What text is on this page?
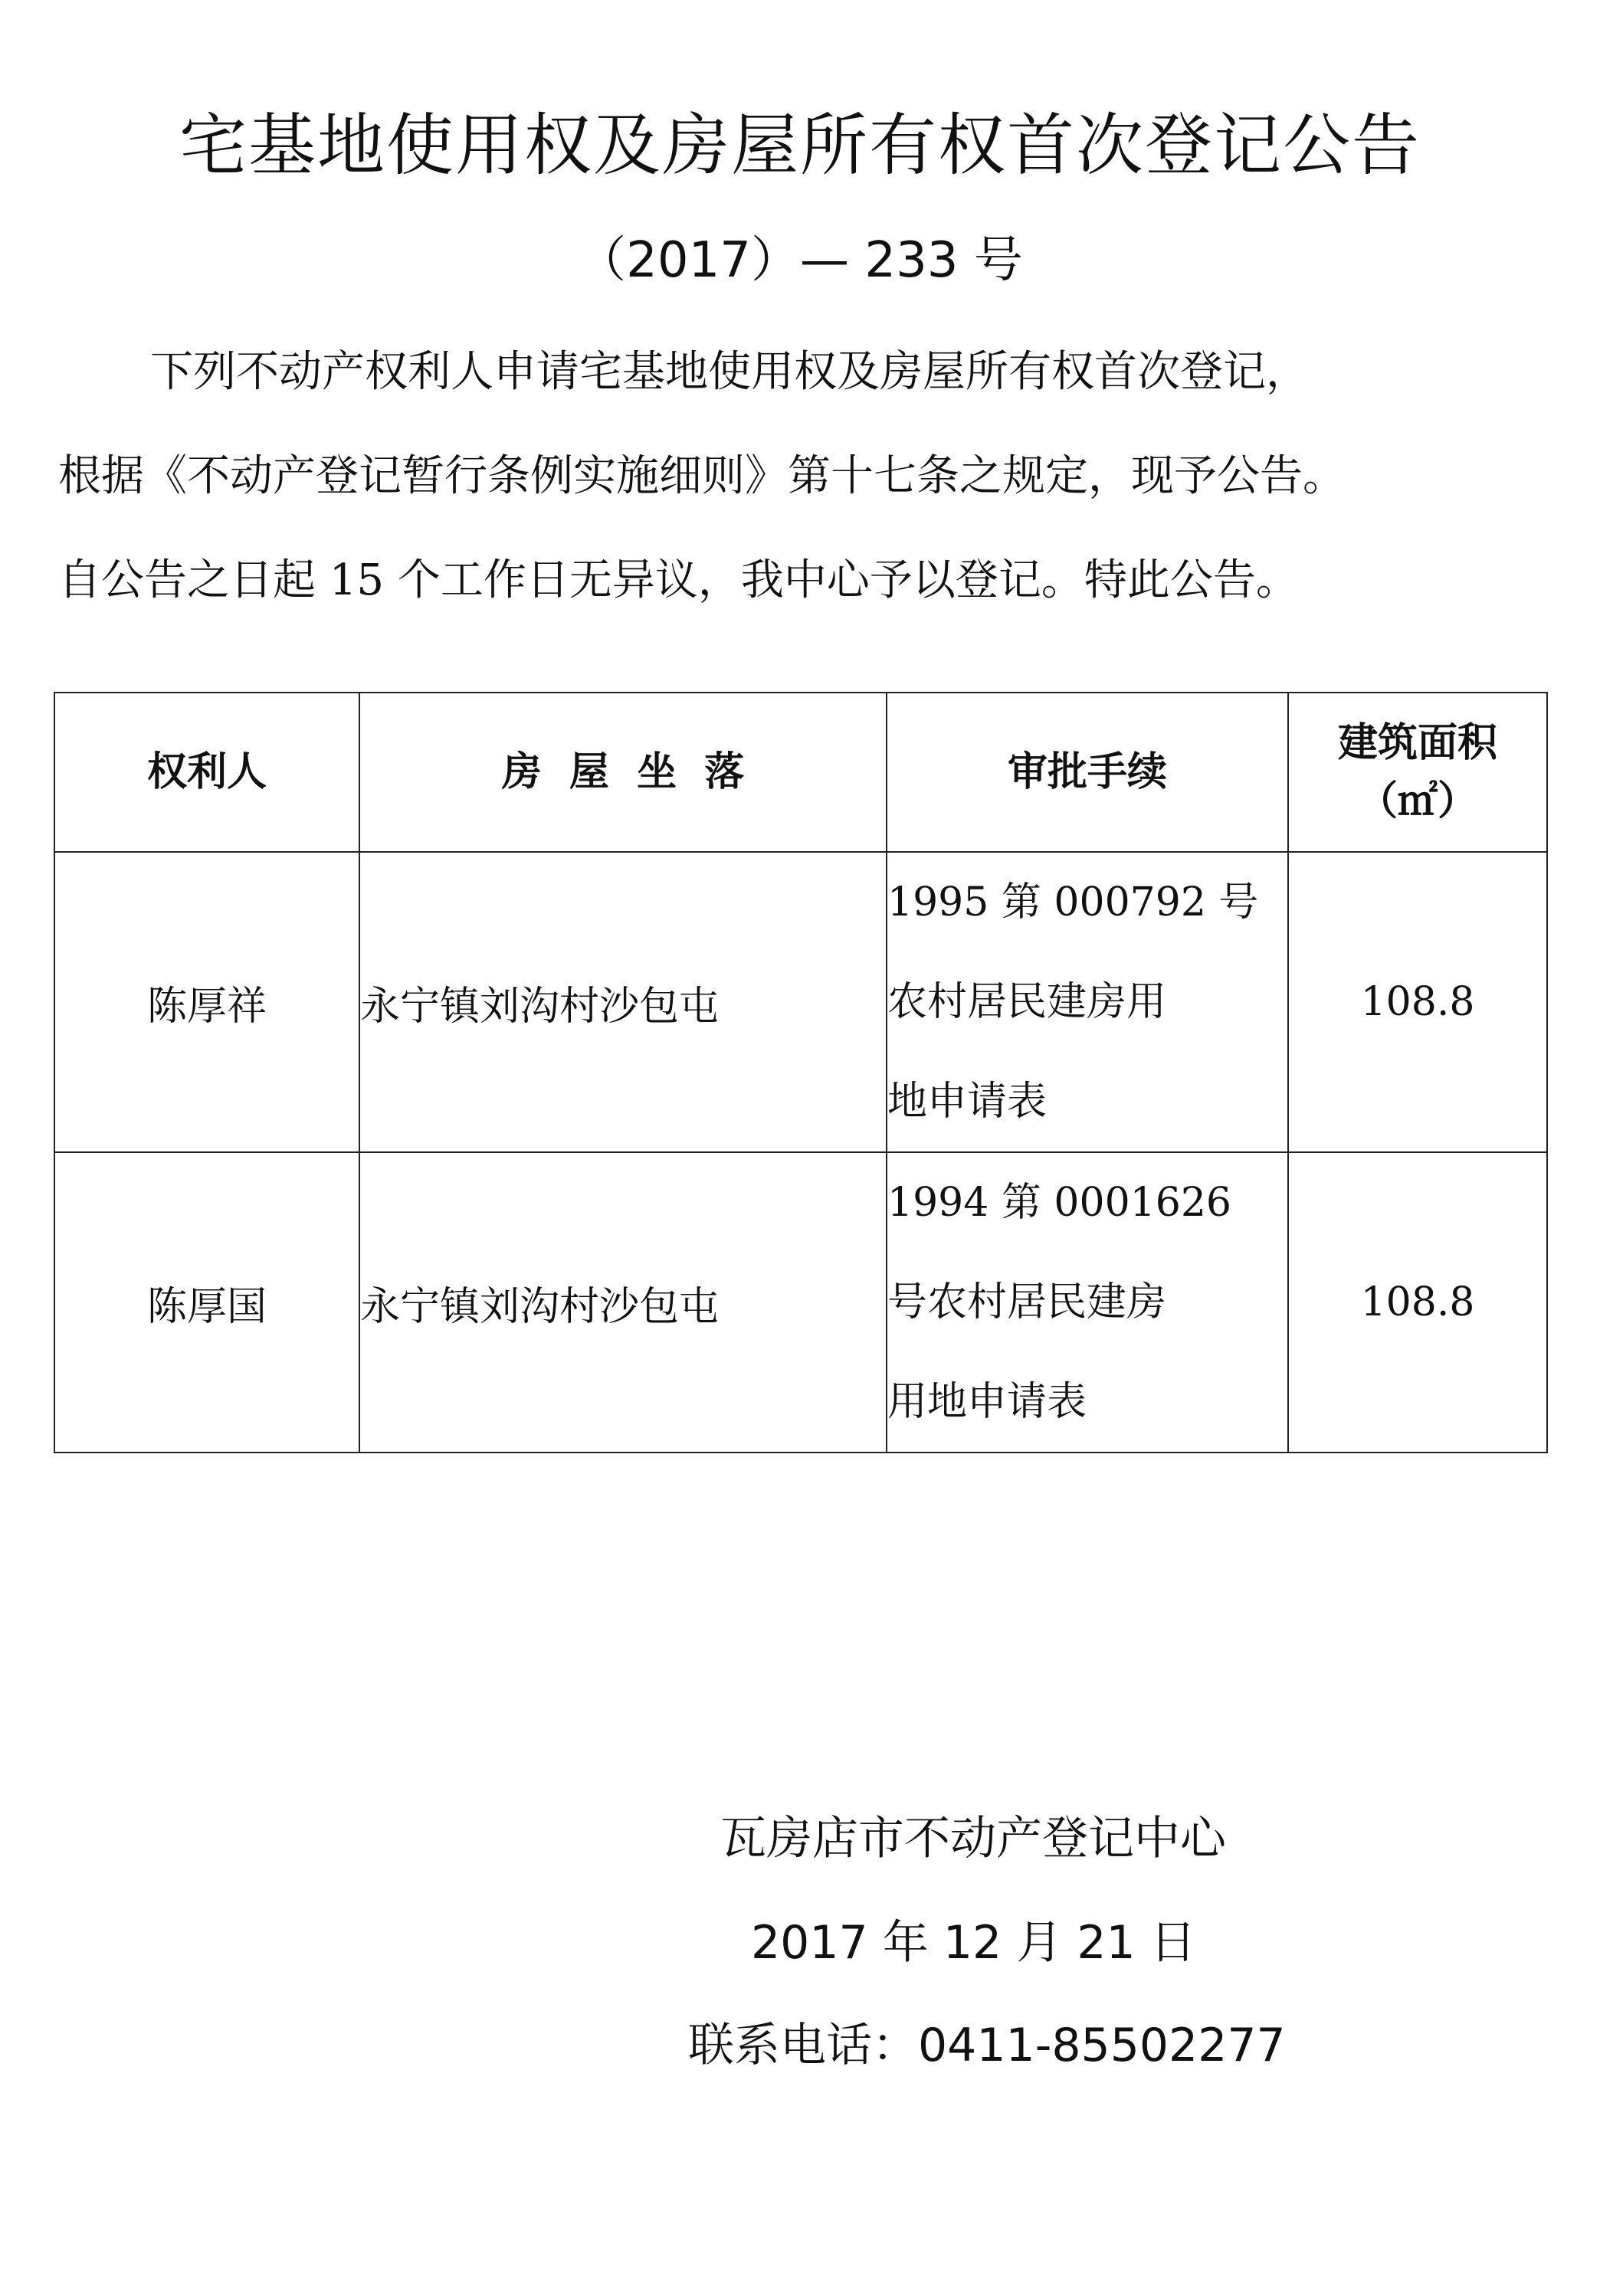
宅基地使用权及房屋所有权首次登记公告
（2017）— 233 号
下列不动产权利人申请宅基地使用权及房屋所有权首次登记，
根据《不动产登记暂行条例实施细则》第十七条之规定，现予公告。
自公告之日起 15 个工作日无异议，我中心予以登记。特此公告。
权利人	房  屋  坐  落	审批手续	建筑面积
（㎡）

陈厚祥	永宁镇刘沟村沙包屯	1995 第 000792 号
农村居民建房用
地申请表	108.8
陈厚国	永宁镇刘沟村沙包屯	1994 第 0001626
号农村居民建房
用地申请表	108.8
瓦房店市不动产登记中心
2017 年 12 月 21 日
联系电话：0411-85502277
